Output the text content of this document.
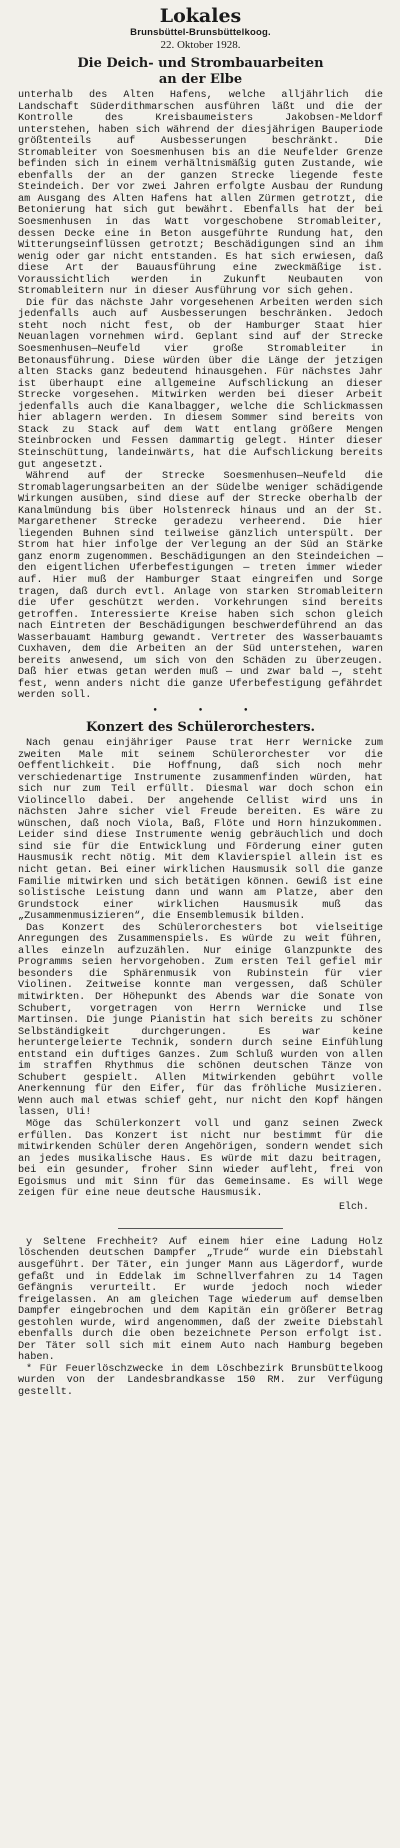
Lokales
Brunsbüttel-Brunsbüttelkoog.
22. Oktober 1928.
Die Deich- und Strombauarbeiten
an der Elbe

unterhalb des Alten Hafens, welche alljährlich die Landschaft Süderdithmarschen ausführen läßt und die der Kontrolle des Kreisbaumeisters Jakobsen-Meldorf unterstehen, haben sich während der diesjährigen Bauperiode größtenteils auf Ausbesserungen beschränkt. Die Stromableiter von Soesmenhusen bis an die Neufelder Grenze befinden sich in einem verhältnismäßig guten Zustande, wie ebenfalls der an der ganzen Strecke liegende feste Steindeich. Der vor zwei Jahren erfolgte Ausbau der Rundung am Ausgang des Alten Hafens hat allen Zürmen getrotzt, die Betonierung hat sich gut bewährt. Ebenfalls hat der bei Soesmenhusen in das Watt vorgeschobene Stromableiter, dessen Decke eine in Beton ausgeführte Rundung hat, den Witterungseinflüssen getrotzt; Beschädigungen sind an ihm wenig oder gar nicht entstanden. Es hat sich erwiesen, daß diese Art der Bauausführung eine zweckmäßige ist. Voraussichtlich werden in Zukunft Neubauten von Stromableitern nur in dieser Ausführung vor sich gehen.

Die für das nächste Jahr vorgesehenen Arbeiten werden sich jedenfalls auch auf Ausbesserungen beschränken. Jedoch steht noch nicht fest, ob der Hamburger Staat hier Neuanlagen vornehmen wird. Geplant sind auf der Strecke Soesmenhusen—Neufeld vier große Stromableiter in Betonausführung. Diese würden über die Länge der jetzigen alten Stacks ganz bedeutend hinausgehen. Für nächstes Jahr ist überhaupt eine allgemeine Aufschlickung an dieser Strecke vorgesehen. Mitwirken werden bei dieser Arbeit jedenfalls auch die Kanalbagger, welche die Schlickmassen hier ablagern werden. In diesem Sommer sind bereits von Stack zu Stack auf dem Watt entlang größere Mengen Steinbrocken und Fessen dammartig gelegt. Hinter dieser Steinschüttung, landeinwärts, hat die Aufschlickung bereits gut angesetzt.

Während auf der Strecke Soesmenhusen—Neufeld die Stromablagerungsarbeiten an der Südelbe weniger schädigende Wirkungen ausüben, sind diese auf der Strecke oberhalb der Kanalmündung bis über Holstenreck hinaus und an der St. Margarethener Strecke geradezu verheerend. Die hier liegenden Buhnen sind teilweise gänzlich unterspült. Der Strom hat hier infolge der Verlegung an der Süd an Stärke ganz enorm zugenommen. Beschädigungen an den Steindeichen — den eigentlichen Uferbefestigungen — treten immer wieder auf. Hier muß der Hamburger Staat eingreifen und Sorge tragen, daß durch evtl. Anlage von starken Stromableitern die Ufer geschützt werden. Vorkehrungen sind bereits getroffen. Interessierte Kreise haben sich schon gleich nach Eintreten der Beschädigungen beschwerdeführend an das Wasserbauamt Hamburg gewandt. Vertreter des Wasserbauamts Cuxhaven, dem die Arbeiten an der Süd unterstehen, waren bereits anwesend, um sich von den Schäden zu überzeugen. Daß hier etwas getan werden muß — und zwar bald —, steht fest, wenn anders nicht die ganze Uferbefestigung gefährdet werden soll.

•••
Konzert des Schülerorchesters.

Nach genau einjähriger Pause trat Herr Wernicke zum zweiten Male mit seinem Schülerorchester vor die Oeffentlichkeit. Die Hoffnung, daß sich noch mehr verschiedenartige Instrumente zusammenfinden würden, hat sich nur zum Teil erfüllt. Diesmal war doch schon ein Violincello dabei. Der angehende Cellist wird uns in nächsten Jahre sicher viel Freude bereiten. Es wäre zu wünschen, daß noch Viola, Baß, Flöte und Horn hinzukommen. Leider sind diese Instrumente wenig gebräuchlich und doch sind sie für die Entwicklung und Förderung einer guten Hausmusik recht nötig. Mit dem Klavierspiel allein ist es nicht getan. Bei einer wirklichen Hausmusik soll die ganze Familie mitwirken und sich betätigen können. Gewiß ist eine solistische Leistung dann und wann am Platze, aber den Grundstock einer wirklichen Hausmusik muß das „Zusammenmusizieren“, die Ensemblemusik bilden.

Das Konzert des Schülerorchesters bot vielseitige Anregungen des Zusammenspiels. Es würde zu weit führen, alles einzeln aufzuzählen. Nur einige Glanzpunkte des Programms seien hervorgehoben. Zum ersten Teil gefiel mir besonders die Sphärenmusik von Rubinstein für vier Violinen. Zeitweise konnte man vergessen, daß Schüler mitwirkten. Der Höhepunkt des Abends war die Sonate von Schubert, vorgetragen von Herrn Wernicke und Ilse Martinsen. Die junge Pianistin hat sich bereits zu schöner Selbständigkeit durchgerungen. Es war keine heruntergeleierte Technik, sondern durch seine Einfühlung entstand ein duftiges Ganzes. Zum Schluß wurden von allen im straffen Rhythmus die schönen deutschen Tänze von Schubert gespielt. Allen Mitwirkenden gebührt volle Anerkennung für den Eifer, für das fröhliche Musizieren. Wenn auch mal etwas schief geht, nur nicht den Kopf hängen lassen, Uli!

Möge das Schülerkonzert voll und ganz seinen Zweck erfüllen. Das Konzert ist nicht nur bestimmt für die mitwirkenden Schüler deren Angehörigen, sondern wendet sich an jedes musikalische Haus. Es würde mit dazu beitragen, bei ein gesunder, froher Sinn wieder aufleht, frei von Egoismus und mit Sinn für das Gemeinsame. Es will Wege zeigen für eine neue deutsche Hausmusik.

Elch.

y Seltene Frechheit? Auf einem hier eine Ladung Holz löschenden deutschen Dampfer „Trude“ wurde ein Diebstahl ausgeführt. Der Täter, ein junger Mann aus Lägerdorf, wurde gefaßt und in Eddelak im Schnellverfahren zu 14 Tagen Gefängnis verurteilt. Er wurde jedoch noch wieder freigelassen. An am gleichen Tage wiederum auf demselben Dampfer eingebrochen und dem Kapitän ein größerer Betrag gestohlen wurde, wird angenommen, daß der zweite Diebstahl ebenfalls durch die oben bezeichnete Person erfolgt ist. Der Täter soll sich mit einem Auto nach Hamburg begeben haben.

* Für Feuerlöschzwecke in dem Löschbezirk Brunsbüttelkoog wurden von der Landesbrandkasse 150 RM. zur Verfügung gestellt.
